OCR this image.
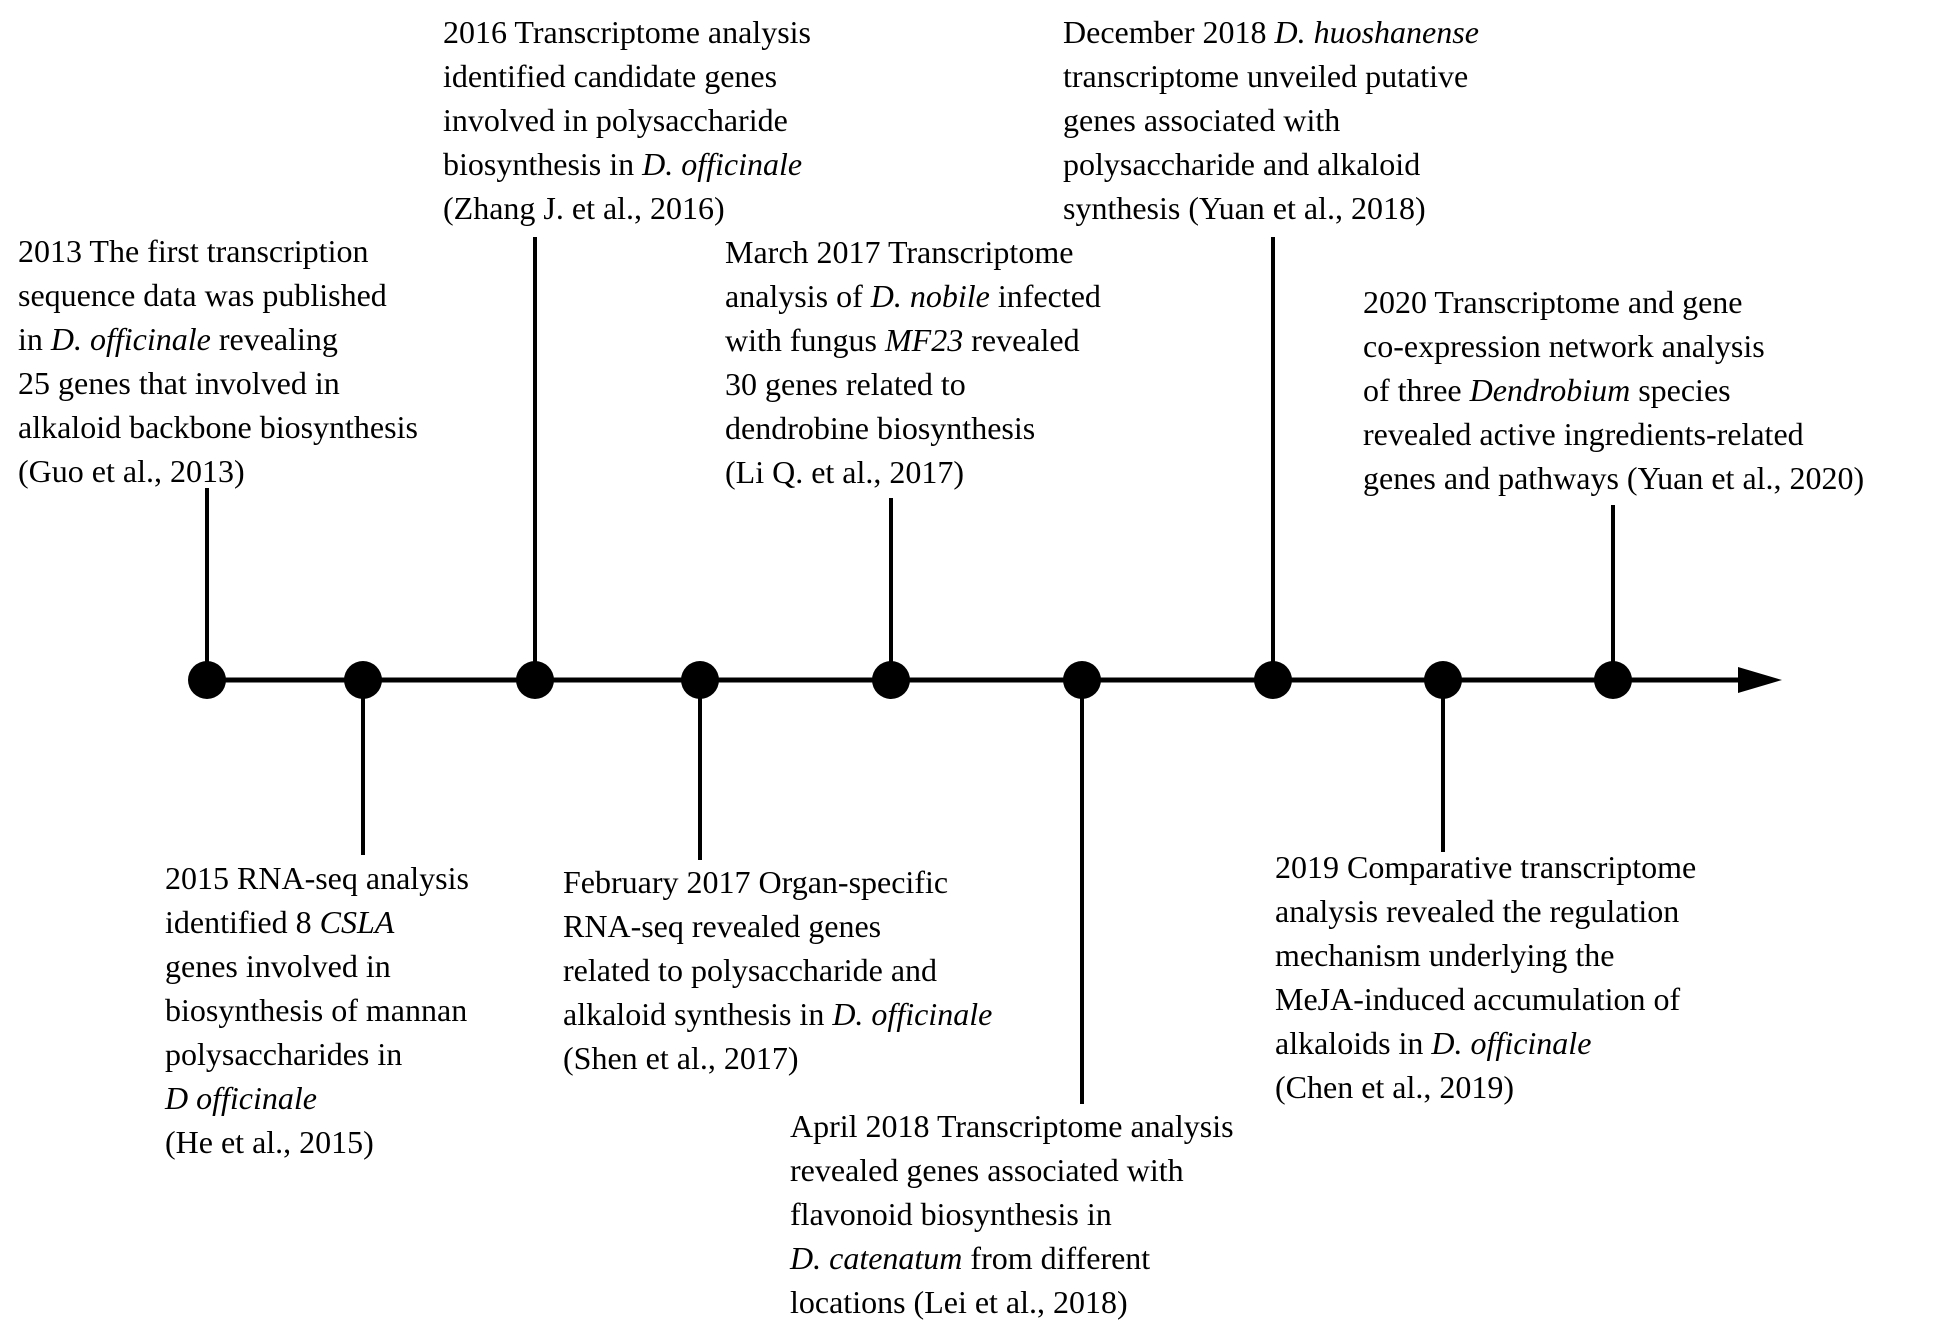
2013 The first transcription
sequence data was published
in D. officinale revealing
25 genes that involved in
alkaloid backbone biosynthesis
(Guo et al., 2013)
2015 RNA-seq analysis
identified 8 CSLA
genes involved in
biosynthesis of mannan
polysaccharides in
D officinale
(He et al., 2015)
2016 Transcriptome analysis
identified candidate genes
involved in polysaccharide
biosynthesis in D. officinale
(Zhang J. et al., 2016)
February 2017 Organ-specific
RNA-seq revealed genes
related to polysaccharide and
alkaloid synthesis in D. officinale
(Shen et al., 2017)
March 2017 Transcriptome
analysis of D. nobile infected
with fungus MF23 revealed
30 genes related to
dendrobine biosynthesis
(Li Q. et al., 2017)
April 2018 Transcriptome analysis
revealed genes associated with
flavonoid biosynthesis in
D. catenatum from different
locations (Lei et al., 2018)
December 2018 D. huoshanense
transcriptome unveiled putative
genes associated with
polysaccharide and alkaloid
synthesis (Yuan et al., 2018)
2019 Comparative transcriptome
analysis revealed the regulation
mechanism underlying the
MeJA-induced accumulation of
alkaloids in D. officinale
(Chen et al., 2019)
2020 Transcriptome and gene
co-expression network analysis
of three Dendrobium species
revealed active ingredients-related
genes and pathways (Yuan et al., 2020)
